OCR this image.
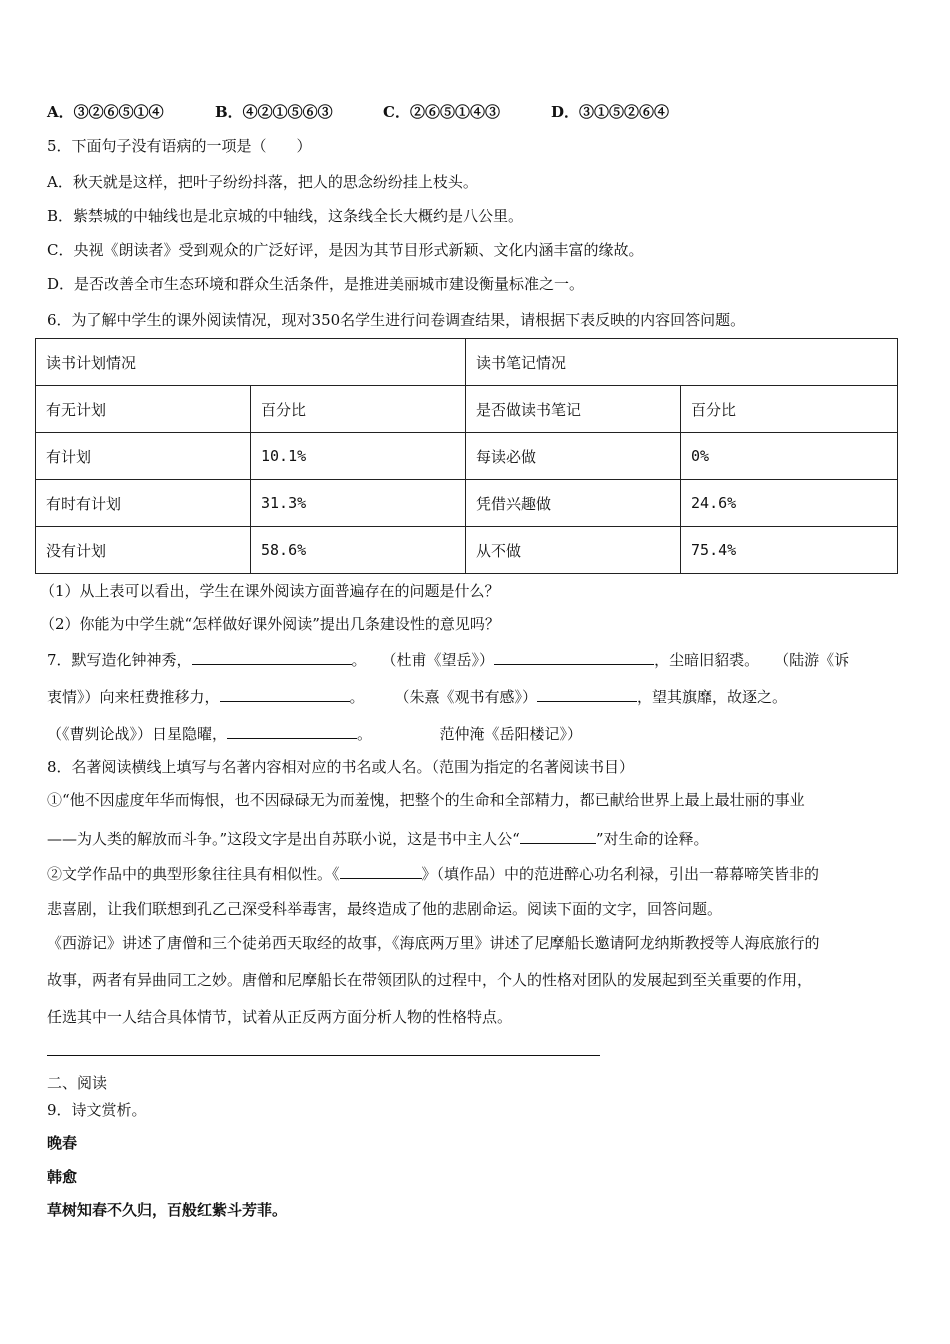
A．③②⑥⑤①④	B．④②①⑤⑥③	C．②⑥⑤①④③	D．③①⑤②⑥④
5．下面句子没有语病的一项是（　　）
A．秋天就是这样，把叶子纷纷抖落，把人的思念纷纷挂上枝头。
B．紫禁城的中轴线也是北京城的中轴线，这条线全长大概约是八公里。
C．央视《朗读者》受到观众的广泛好评，是因为其节目形式新颖、文化内涵丰富的缘故。
D．是否改善全市生态环境和群众生活条件，是推进美丽城市建设衡量标准之一。
6．为了解中学生的课外阅读情况，现对350名学生进行问卷调查结果，请根据下表反映的内容回答问题。
读书计划情况		读书笔记情况	
有无计划	百分比	是否做读书笔记	百分比
有计划	10.1%	每读必做	0%
有时有计划	31.3%	凭借兴趣做	24.6%
没有计划	58.6%	从不做	75.4%
（1）从上表可以看出，学生在课外阅读方面普遍存在的问题是什么？
（2）你能为中学生就“怎样做好课外阅读”提出几条建设性的意见吗？
7．默写造化钟神秀，	。　　（杜甫《望岳》）	，尘暗旧貂裘。　　（陆游《诉
衷情》）向来枉费推移力，	。　　　（朱熹《观书有感》）	，望其旗靡，故逐之。
（《曹刿论战》）日星隐曜，	。　　　　　范仲淹《岳阳楼记》）
8．名著阅读横线上填写与名著内容相对应的书名或人名。（范围为指定的名著阅读书目）
①“他不因虚度年华而悔恨，也不因碌碌无为而羞愧，把整个的生命和全部精力，都已献给世界上最上最壮丽的事业
——为人类的解放而斗争。”这段文字是出自苏联小说，这是书中主人公“	”对生命的诠释。
②文学作品中的典型形象往往具有相似性。《	》（填作品）中的范进醉心功名利禄，引出一幕幕啼笑皆非的
悲喜剧，让我们联想到孔乙己深受科举毒害，最终造成了他的悲剧命运。阅读下面的文字，回答问题。
《西游记》讲述了唐僧和三个徒弟西天取经的故事，《海底两万里》讲述了尼摩船长邀请阿龙纳斯教授等人海底旅行的
故事，两者有异曲同工之妙。唐僧和尼摩船长在带领团队的过程中，个人的性格对团队的发展起到至关重要的作用，
任选其中一人结合具体情节，试着从正反两方面分析人物的性格特点。
二、阅读
9．诗文赏析。
晚春
韩愈
草树知春不久归，百般红紫斗芳菲。
